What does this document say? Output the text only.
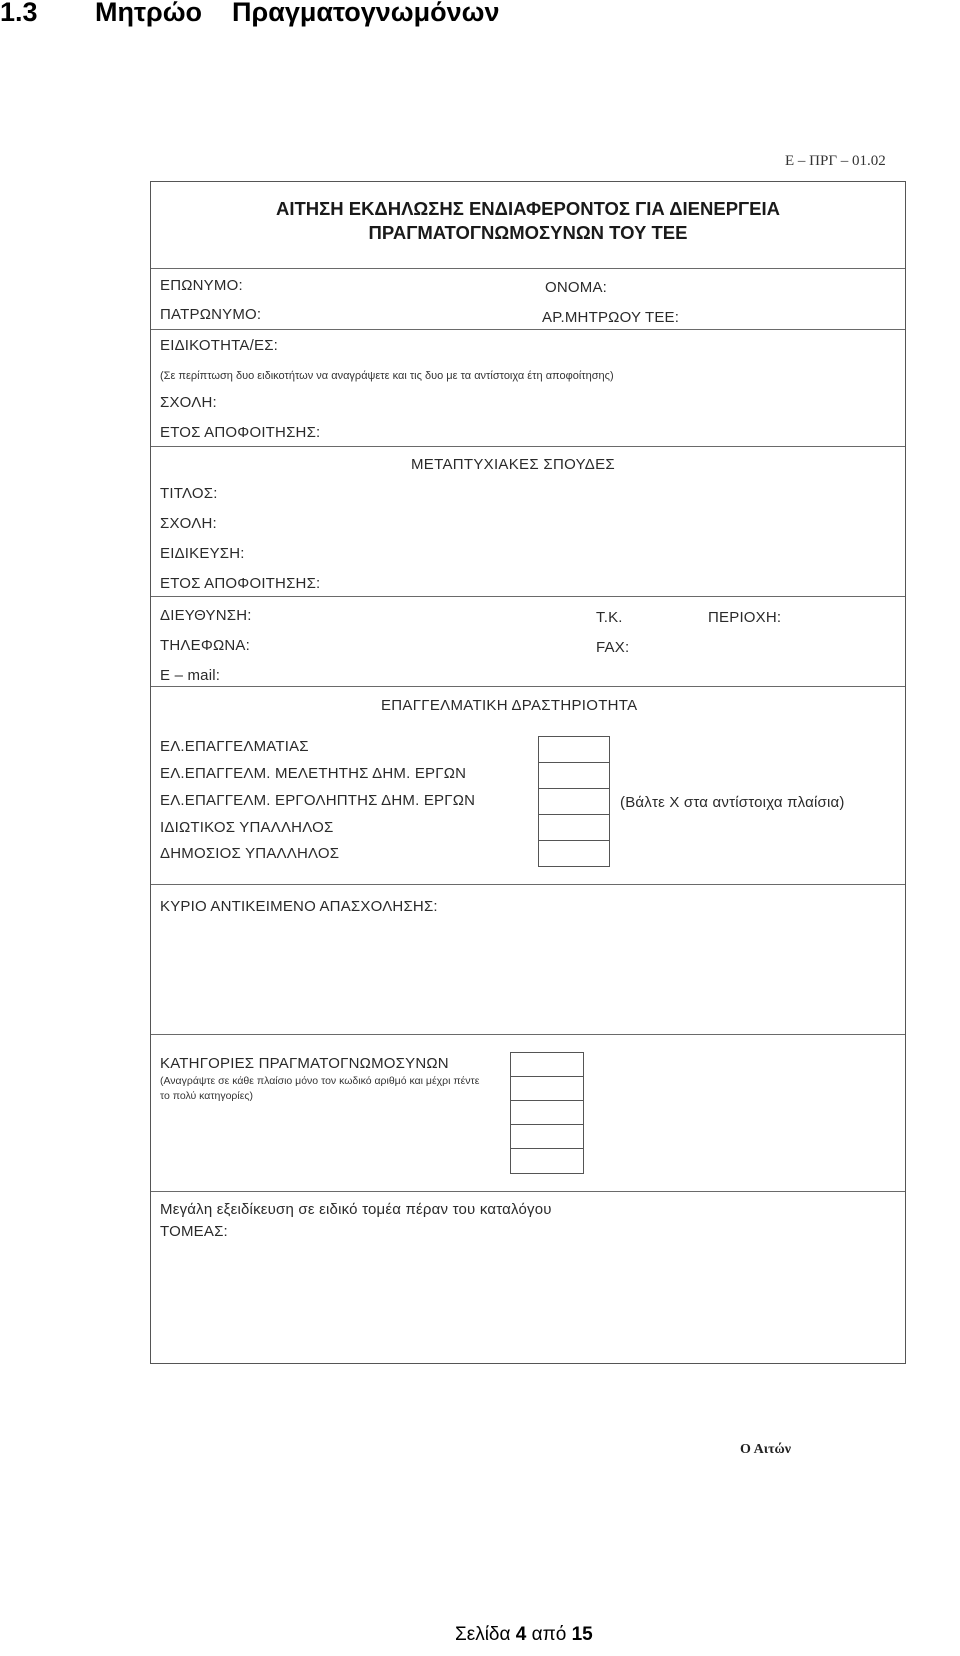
1.3 Μητρώο    Πραγματογνωμόνων
Ε – ΠΡΓ – 01.02
ΑΙΤΗΣΗ ΕΚΔΗΛΩΣΗΣ ΕΝΔΙΑΦΕΡΟΝΤΟΣ ΓΙΑ ΔΙΕΝΕΡΓΕΙΑ
ΠΡΑΓΜΑΤΟΓΝΩΜΟΣΥΝΩΝ ΤΟΥ ΤΕΕ
ΕΠΩΝΥΜΟ:	ΟΝΟΜΑ:
ΠΑΤΡΩΝΥΜΟ:	ΑΡ.ΜΗΤΡΩΟΥ ΤΕΕ:
ΕΙΔΙΚΟΤΗΤΑ/ΕΣ:
(Σε περίπτωση δυο ειδικοτήτων να αναγράψετε και τις δυο με τα αντίστοιχα έτη αποφοίτησης)
ΣΧΟΛΗ:
ΕΤΟΣ ΑΠΟΦΟΙΤΗΣΗΣ:
ΜΕΤΑΠΤΥΧΙΑΚΕΣ ΣΠΟΥΔΕΣ
ΤΙΤΛΟΣ:
ΣΧΟΛΗ:
ΕΙΔΙΚΕΥΣΗ:
ΕΤΟΣ ΑΠΟΦΟΙΤΗΣΗΣ:
ΔΙΕΥΘΥΝΣΗ:	Τ.Κ.	ΠΕΡΙΟΧΗ:
ΤΗΛΕΦΩΝΑ:	FAX:
E – mail:
ΕΠΑΓΓΕΛΜΑΤΙΚΗ ΔΡΑΣΤΗΡΙΟΤΗΤΑ
ΕΛ.ΕΠΑΓΓΕΛΜΑΤΙΑΣ
ΕΛ.ΕΠΑΓΓΕΛΜ. ΜΕΛΕΤΗΤΗΣ ΔΗΜ. ΕΡΓΩΝ
ΕΛ.ΕΠΑΓΓΕΛΜ. ΕΡΓΟΛΗΠΤΗΣ ΔΗΜ. ΕΡΓΩΝ
ΙΔΙΩΤΙΚΟΣ ΥΠΑΛΛΗΛΟΣ
ΔΗΜΟΣΙΟΣ ΥΠΑΛΛΗΛΟΣ
(Βάλτε Χ στα αντίστοιχα πλαίσια)
ΚΥΡΙΟ ΑΝΤΙΚΕΙΜΕΝΟ ΑΠΑΣΧΟΛΗΣΗΣ:
ΚΑΤΗΓΟΡΙΕΣ ΠΡΑΓΜΑΤΟΓΝΩΜΟΣΥΝΩΝ
(Αναγράψτε σε κάθε πλαίσιο μόνο τον κωδικό αριθμό και μέχρι πέντε το πολύ κατηγορίες)
Μεγάλη εξειδίκευση σε ειδικό τομέα πέραν του καταλόγου
ΤΟΜΕΑΣ:
Ο Αιτών
Σελίδα 4 από 15
